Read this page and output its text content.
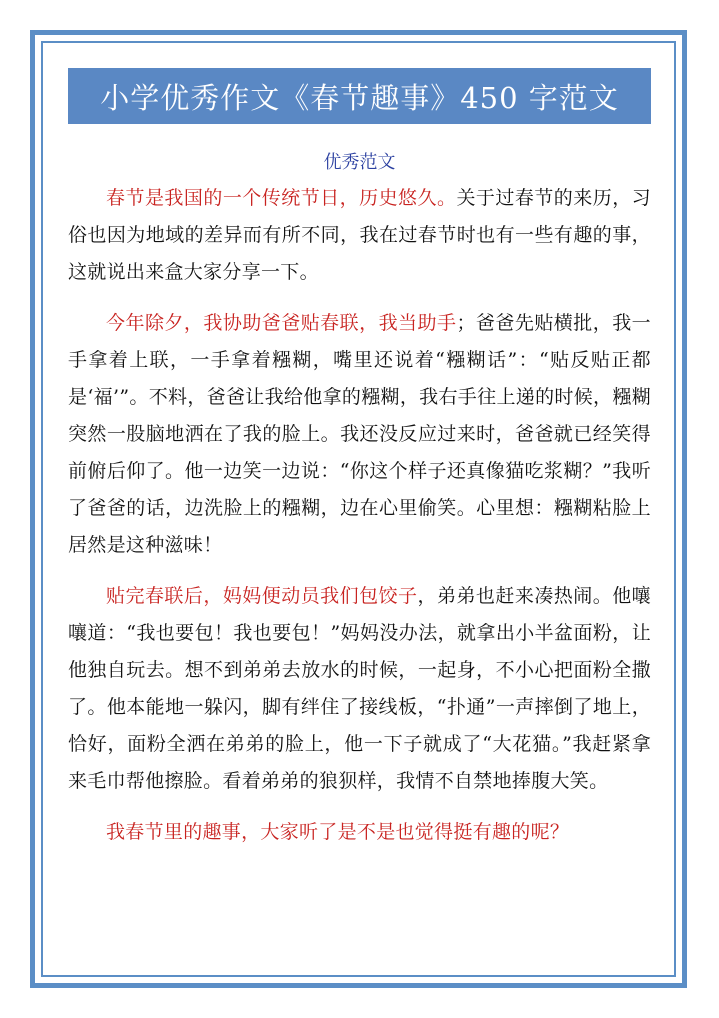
小学优秀作文《春节趣事》450 字范文
优秀范文

春节是我国的一个传统节日，历史悠久。关于过春节的来历，习俗也因为地域的差异而有所不同，我在过春节时也有一些有趣的事，这就说出来盒大家分享一下。

今年除夕，我协助爸爸贴春联，我当助手；爸爸先贴横批，我一手拿着上联，一手拿着糨糊，嘴里还说着“糨糊话”：“贴反贴正都是‘福’”。不料，爸爸让我给他拿的糨糊，我右手往上递的时候，糨糊突然一股脑地洒在了我的脸上。我还没反应过来时，爸爸就已经笑得前俯后仰了。他一边笑一边说：“你这个样子还真像猫吃浆糊？”我听了爸爸的话，边洗脸上的糨糊，边在心里偷笑。心里想：糨糊粘脸上居然是这种滋味！

贴完春联后，妈妈便动员我们包饺子，弟弟也赶来凑热闹。他嚷嚷道：“我也要包！我也要包！”妈妈没办法，就拿出小半盆面粉，让他独自玩去。想不到弟弟去放水的时候，一起身，不小心把面粉全撒了。他本能地一躲闪，脚有绊住了接线板，“扑通”一声摔倒了地上，恰好，面粉全洒在弟弟的脸上，他一下子就成了“大花猫。”我赶紧拿来毛巾帮他擦脸。看着弟弟的狼狈样，我情不自禁地捧腹大笑。

我春节里的趣事，大家听了是不是也觉得挺有趣的呢？
